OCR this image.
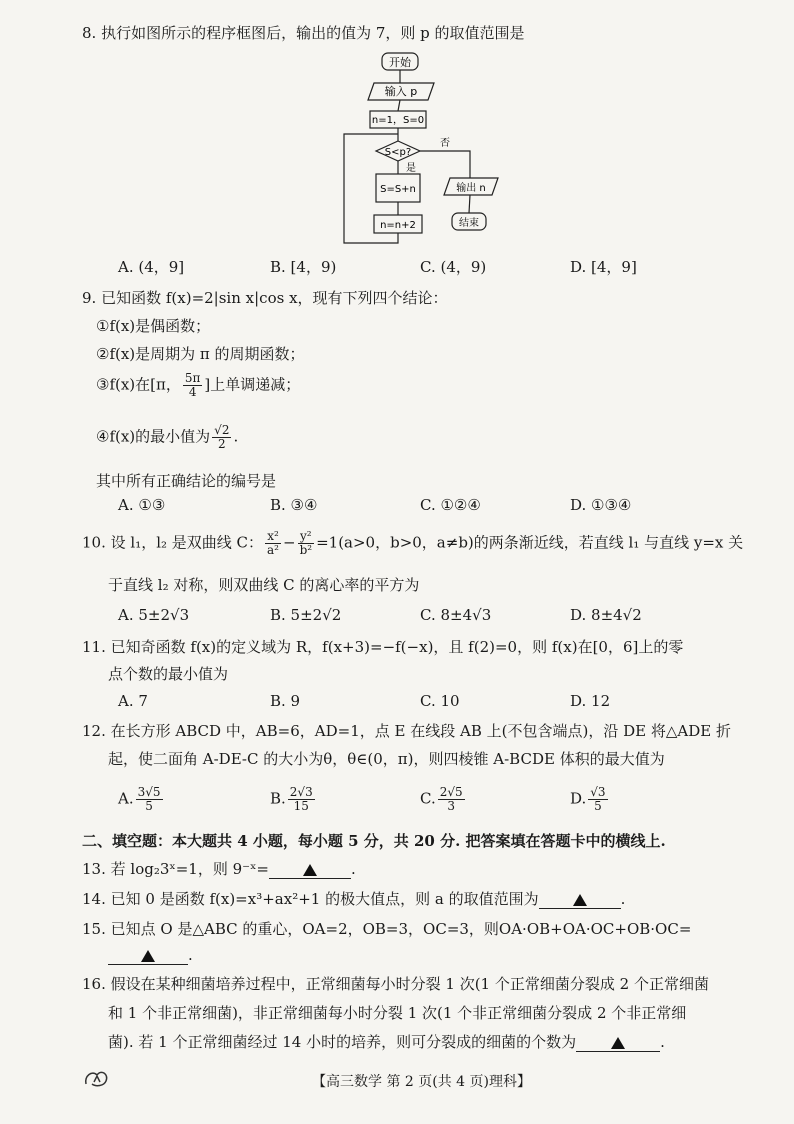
8. 执行如图所示的程序框图后，输出的值为 7，则 p 的取值范围是
开始
输入 p
n=1，S=0
S<p?
是
否
S=S+n
n=n+2
输出 n
结束
A. (4，9]	B. [4，9)	C. (4，9)	D. [4，9]
9. 已知函数 f(x)=2|sin x|cos x，现有下列四个结论：
①f(x)是偶函数；
②f(x)是周期为 π 的周期函数；
③f(x)在[π， $\frac{5\pi}{4}$ ]上单调递减；
④f(x)的最小值为 $\frac{√2}{2}$ .
其中所有正确结论的编号是
A. ①③	B. ③④	C. ①②④	D. ①③④
10. 设 l₁，l₂ 是双曲线 C： $\frac{\text{x²}}{\text{a²}} - \frac{\text{y²}}{\text{b²}} =1(a>0$，b>0，a≠b)的两条渐近线，若直线 l₁ 与直线 y=x 关
于直线 l₂ 对称，则双曲线 C 的离心率的平方为
A. 5±2√3	B. 5±2√2	C. 8±4√3	D. 8±4√2
11. 已知奇函数 f(x)的定义域为 R，f(x+3)=−f(−x)，且 f(2)=0，则 f(x)在[0，6]上的零
点个数的最小值为
A. 7	B. 9	C. 10	D. 12
12. 在长方形 ABCD 中，AB=6，AD=1，点 E 在线段 AB 上(不包含端点)，沿 DE 将△ADE 折
起，使二面角 A-DE-C 的大小为θ，θ∈(0，π)，则四棱锥 A-BCDE 体积的最大值为
A. $\frac{3√5}{5}$	B. $\frac{2√3}{15}$	C. $\frac{2√5}{3}$	D. $\frac{√3}{5}$
二、填空题：本大题共 4 小题，每小题 5 分，共 20 分. 把答案填在答题卡中的横线上.
13. 若 log₂3ˣ=1，则 9⁻ˣ=	.
14. 已知 0 是函数 f(x)=x³+ax²+1 的极大值点，则 a 的取值范围为	.
15. 已知点 O 是△ABC 的重心，OA=2，OB=3，OC=3，则OA·OB+OA·OC+OB·OC=
.
16. 假设在某种细菌培养过程中，正常细菌每小时分裂 1 次(1 个正常细菌分裂成 2 个正常细菌
和 1 个非正常细菌)，非正常细菌每小时分裂 1 次(1 个非正常细菌分裂成 2 个非正常细
菌). 若 1 个正常细菌经过 14 小时的培养，则可分裂成的细菌的个数为	.
【高三数学 第 2 页(共 4 页)理科】
